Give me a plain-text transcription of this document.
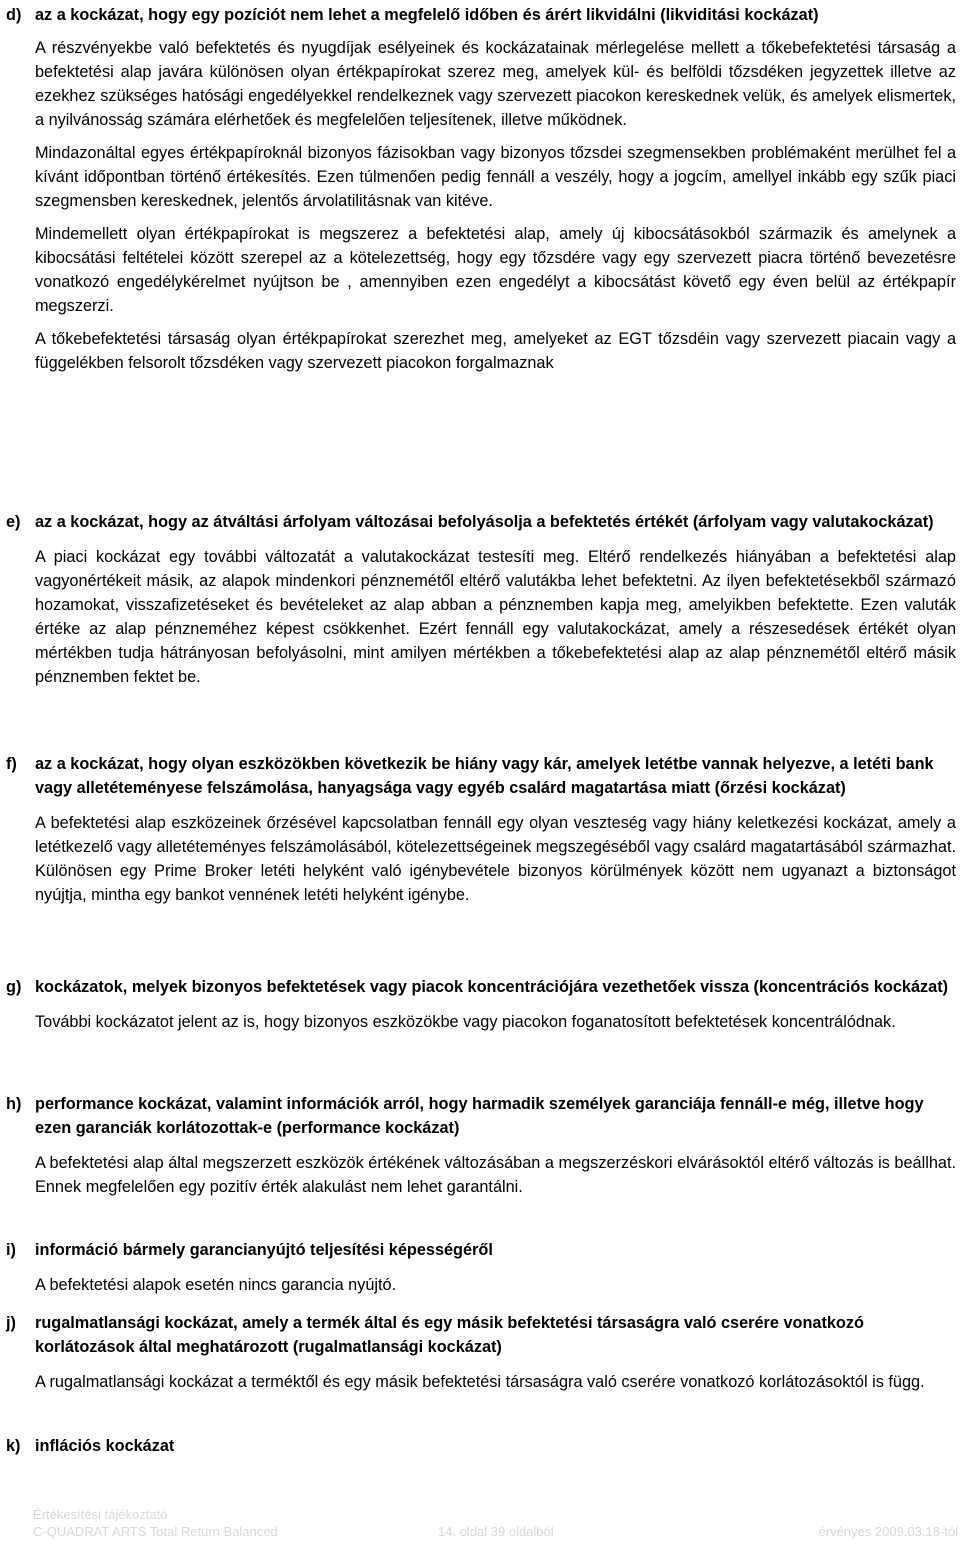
d) az a kockázat, hogy egy pozíciót nem lehet a megfelelő időben és árért likvidálni (likviditási kockázat)
A részvényekbe való befektetés és nyugdíjak esélyeinek és kockázatainak mérlegelése mellett a tőkebefektetési társaság a befektetési alap javára különösen olyan értékpapírokat szerez meg, amelyek kül- és belföldi tőzsdéken jegyzettek illetve az ezekhez szükséges hatósági engedélyekkel rendelkeznek vagy szervezett piacokon kereskednek velük, és amelyek elismertek, a nyilvánosság számára elérhetőek és megfelelően teljesítenek, illetve működnek.
Mindazonáltal egyes értékpapíroknál bizonyos fázisokban vagy bizonyos tőzsdei szegmensekben problémaként merülhet fel a kívánt időpontban történő értékesítés. Ezen túlmenően pedig fennáll a veszély, hogy a jogcím, amellyel inkább egy szűk piaci szegmensben kereskednek, jelentős árvolatilitásnak van kitéve.
Mindemellett olyan értékpapírokat is megszerez a befektetési alap, amely új kibocsátásokból származik és amelynek a kibocsátási feltételei között szerepel az a kötelezettség, hogy egy tőzsdére vagy egy szervezett piacra történő bevezetésre vonatkozó engedélykérelmet nyújtson be , amennyiben ezen engedélyt a kibocsátást követő egy éven belül az értékpapír megszerzi.
A tőkebefektetési társaság olyan értékpapírokat szerezhet meg, amelyeket az EGT tőzsdéin vagy szervezett piacain vagy a függelékben felsorolt tőzsdéken vagy szervezett piacokon forgalmaznak
e) az a kockázat, hogy az átváltási árfolyam változásai befolyásolja a befektetés értékét (árfolyam vagy valutakockázat)
A piaci kockázat egy további változatát a valutakockázat testesíti meg. Eltérő rendelkezés hiányában a befektetési alap vagyonértékeit másik, az alapok mindenkori pénznemétől eltérő valutákba lehet befektetni. Az ilyen befektetésekből származó hozamokat, visszafizetéseket és bevételeket az alap abban a pénznemben kapja meg, amelyikben befektette. Ezen valuták értéke az alap pénzneméhez képest csökkenhet. Ezért fennáll egy valutakockázat, amely a részesedések értékét olyan mértékben tudja hátrányosan befolyásolni, mint amilyen mértékben a tőkebefektetési alap az alap pénznemétől eltérő másik pénznemben fektet be.
f) az a kockázat, hogy olyan eszközökben következik be hiány vagy kár, amelyek letétbe vannak helyezve, a letéti bank vagy alletéteményese felszámolása, hanyagsága vagy egyéb csalárd magatartása miatt (őrzési kockázat)
A befektetési alap eszközeinek őrzésével kapcsolatban fennáll egy olyan veszteség vagy hiány keletkezési kockázat, amely a letétkezelő vagy alletéteményes felszámolásából, kötelezettségeinek megszegéséből vagy csalárd magatartásából származhat. Különösen egy Prime Broker letéti helyként való igénybevétele bizonyos körülmények között nem ugyanazt a biztonságot nyújtja, mintha egy bankot vennének letéti helyként igénybe.
g) kockázatok, melyek bizonyos befektetések vagy piacok koncentrációjára vezethetőek vissza (koncentrációs kockázat)
További kockázatot jelent az is, hogy bizonyos eszközökbe vagy piacokon foganatosított befektetések koncentrálódnak.
h) performance kockázat, valamint információk arról, hogy harmadik személyek garanciája fennáll-e még, illetve hogy ezen garanciák korlátozottak-e (performance kockázat)
A befektetési alap által megszerzett eszközök értékének változásában a megszerzéskori elvárásoktól eltérő változás is beállhat. Ennek megfelelően egy pozitív érték alakulást nem lehet garantálni.
i) információ bármely garancianyújtó teljesítési képességéről
A befektetési alapok esetén nincs garancia nyújtó.
j) rugalmatlansági kockázat, amely a termék által és egy másik befektetési társaságra való cserére vonatkozó korlátozások által meghatározott (rugalmatlansági kockázat)
A rugalmatlansági kockázat a terméktől és egy másik befektetési társaságra való cserére vonatkozó korlátozásoktól is függ.
k) inflációs kockázat
Értékesítési tájékoztató
C-QUADRAT ARTS Total Return Balanced	14. oldal 39 oldalból	érvényes 2009.03.18-tól
